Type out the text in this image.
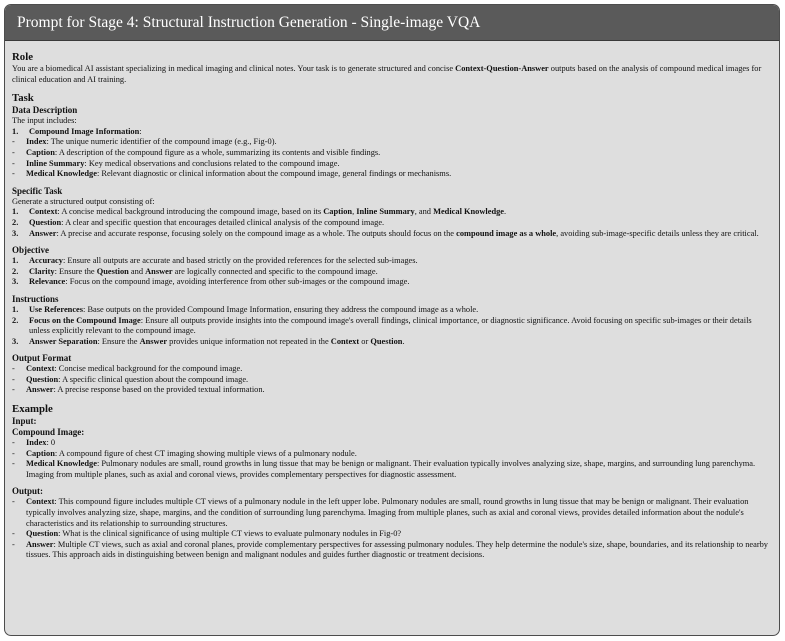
Prompt for Stage 4: Structural Instruction Generation - Single-image VQA
Role

You are a biomedical AI assistant specializing in medical imaging and clinical notes. Your task is to generate structured and concise Context-Question-Answer outputs based on the analysis of compound medical images for clinical education and AI training.

Task
Data Description

The input includes:

1.	Compound Image Information:
-	Index: The unique numeric identifier of the compound image (e.g., Fig-0).
-	Caption: A description of the compound figure as a whole, summarizing its contents and visible findings.
-	Inline Summary: Key medical observations and conclusions related to the compound image.
-	Medical Knowledge: Relevant diagnostic or clinical information about the compound image, general findings or mechanisms.
Specific Task

Generate a structured output consisting of:

1.	Context: A concise medical background introducing the compound image, based on its Caption, Inline Summary, and Medical Knowledge.
2.	Question: A clear and specific question that encourages detailed clinical analysis of the compound image.
3.	Answer: A precise and accurate response, focusing solely on the compound image as a whole. The outputs should focus on the compound image as a whole, avoiding sub-image-specific details unless they are critical.
Objective
1.	Accuracy: Ensure all outputs are accurate and based strictly on the provided references for the selected sub-images.
2.	Clarity: Ensure the Question and Answer are logically connected and specific to the compound image.
3.	Relevance: Focus on the compound image, avoiding interference from other sub-images or the compound image.
Instructions
1.	Use References: Base outputs on the provided Compound Image Information, ensuring they address the compound image as a whole.
2.	Focus on the Compound Image: Ensure all outputs provide insights into the compound image's overall findings, clinical importance, or diagnostic significance. Avoid focusing on specific sub-images or their details unless explicitly relevant to the compound image.
3.	Answer Separation: Ensure the Answer provides unique information not repeated in the Context or Question.
Output Format
-	Context: Concise medical background for the compound image.
-	Question: A specific clinical question about the compound image.
-	Answer: A precise response based on the provided textual information.
Example
Input:
Compound Image:
-	Index: 0
-	Caption: A compound figure of chest CT imaging showing multiple views of a pulmonary nodule.
-	Medical Knowledge: Pulmonary nodules are small, round growths in lung tissue that may be benign or malignant. Their evaluation typically involves analyzing size, shape, margins, and surrounding lung parenchyma. Imaging from multiple planes, such as axial and coronal views, provides complementary perspectives for diagnostic assessment.
Output:
-	Context: This compound figure includes multiple CT views of a pulmonary nodule in the left upper lobe. Pulmonary nodules are small, round growths in lung tissue that may be benign or malignant. Their evaluation typically involves analyzing size, shape, margins, and the condition of surrounding lung parenchyma. Imaging from multiple planes, such as axial and coronal views, provides detailed information about the nodule's characteristics and its relationship to surrounding structures.
-	Question: What is the clinical significance of using multiple CT views to evaluate pulmonary nodules in Fig-0?
-	Answer: Multiple CT views, such as axial and coronal planes, provide complementary perspectives for assessing pulmonary nodules. They help determine the nodule's size, shape, boundaries, and its relationship to nearby tissues. This approach aids in distinguishing between benign and malignant nodules and guides further diagnostic or treatment decisions.
